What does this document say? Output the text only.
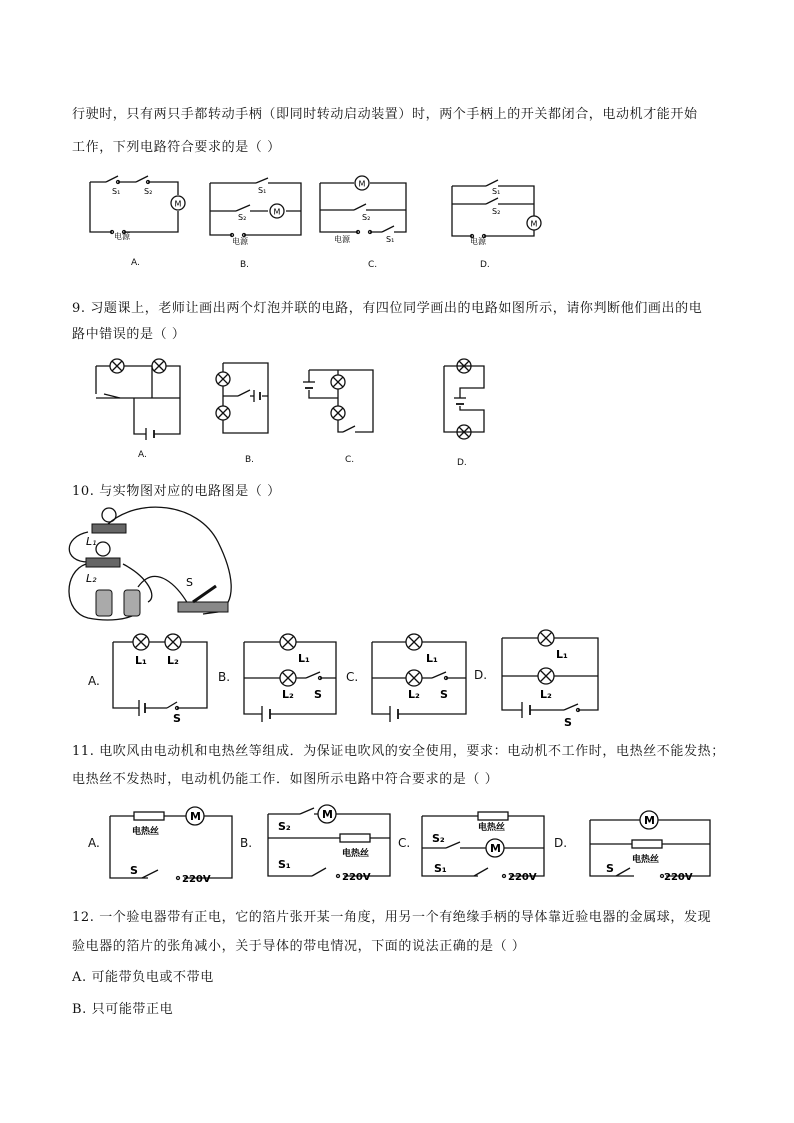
行驶时，只有两只手都转动手柄（即同时转动启动装置）时，两个手柄上的开关都闭合，电动机才能开始
工作，下列电路符合要求的是（ ）
M
S₁	S₂
电源
A.
M
S₁
S₂
电源
B.
M
S₂
S₁
电源
C.
M
S₁
S₂
电源
D.
9. 习题课上，老师让画出两个灯泡并联的电路，有四位同学画出的电路如图所示，请你判断他们画出的电
路中错误的是（ ）
A.	B.	C.	D.
10. 与实物图对应的电路图是（ ）
L₁
L₂	S
A.
L₁ L₂
S
B.
L₁
L₂ S
C.
L₁
L₂ S
D.
L₁
L₂
S
11. 电吹风由电动机和电热丝等组成．为保证电吹风的安全使用，要求：电动机不工作时，电热丝不能发热；
电热丝不发热时，电动机仍能工作．如图所示电路中符合要求的是（ ）
A.
M
电热丝
S
220V
B.
M
S₂
电热丝
S₁
220V
C.
电热丝
S₂
M
S₁
220V
D.
M
电热丝
S
220V
12. 一个验电器带有正电，它的箔片张开某一角度，用另一个有绝缘手柄的导体靠近验电器的金属球，发现
验电器的箔片的张角减小，关于导体的带电情况，下面的说法正确的是（ ）
A. 可能带负电或不带电
B. 只可能带正电
